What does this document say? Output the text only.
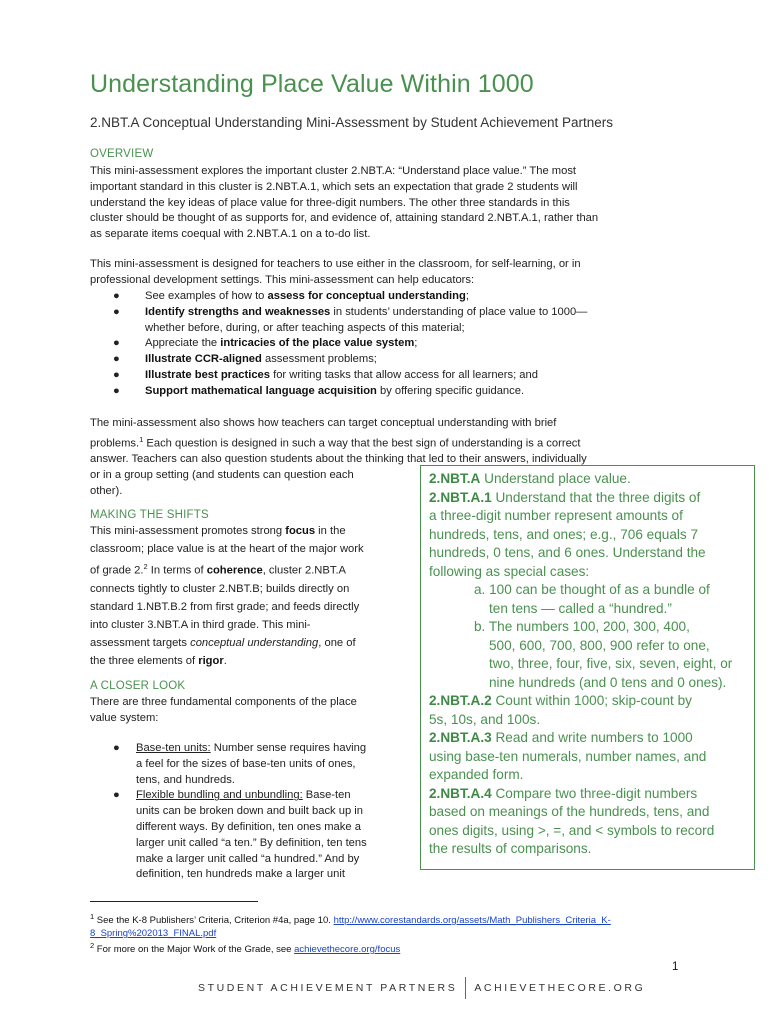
Understanding Place Value Within 1000

2.NBT.A Conceptual Understanding Mini-Assessment by Student Achievement Partners

OVERVIEW
This mini-assessment explores the important cluster 2.NBT.A: “Understand place value.” The most
important standard in this cluster is 2.NBT.A.1, which sets an expectation that grade 2 students will
understand the key ideas of place value for three-digit numbers. The other three standards in this
cluster should be thought of as supports for, and evidence of, attaining standard 2.NBT.A.1, rather than
as separate items coequal with 2.NBT.A.1 on a to-do list.
This mini-assessment is designed for teachers to use either in the classroom, for self-learning, or in
professional development settings. This mini-assessment can help educators:
● See examples of how to assess for conceptual understanding;
● Identify strengths and weaknesses in students’ understanding of place value to 1000—
whether before, during, or after teaching aspects of this material;
● Appreciate the intricacies of the place value system;
● Illustrate CCR-aligned assessment problems;
● Illustrate best practices for writing tasks that allow access for all learners; and
● Support mathematical language acquisition by offering specific guidance.
The mini-assessment also shows how teachers can target conceptual understanding with brief
problems.$^1$ Each question is designed in such a way that the best sign of understanding is a correct
answer. Teachers can also question students about the thinking that led to their answers, individually
or in a group setting (and students can question each
other).
MAKING THE SHIFTS
This mini-assessment promotes strong focus in the
classroom; place value is at the heart of the major work
of grade 2.$^2$ In terms of coherence, cluster 2.NBT.A
connects tightly to cluster 2.NBT.B; builds directly on
standard 1.NBT.B.2 from first grade; and feeds directly
into cluster 3.NBT.A in third grade. This mini-
assessment targets conceptual understanding, one of
the three elements of rigor.
A CLOSER LOOK
There are three fundamental components of the place
value system:
● Base-ten units: Number sense requires having
a feel for the sizes of base-ten units of ones,
tens, and hundreds.
● Flexible bundling and unbundling: Base-ten
units can be broken down and built back up in
different ways. By definition, ten ones make a
larger unit called “a ten.” By definition, ten tens
make a larger unit called “a hundred.” And by
definition, ten hundreds make a larger unit

2.NBT.A Understand place value.

2.NBT.A.1 Understand that the three digits of
a three-digit number represent amounts of
hundreds, tens, and ones; e.g., 706 equals 7
hundreds, 0 tens, and 6 ones. Understand the
following as special cases:

a. 100 can be thought of as a bundle of
ten tens — called a “hundred.”
b. The numbers 100, 200, 300, 400,
500, 600, 700, 800, 900 refer to one,
two, three, four, five, six, seven, eight, or
nine hundreds (and 0 tens and 0 ones).

2.NBT.A.2 Count within 1000; skip-count by
5s, 10s, and 100s.

2.NBT.A.3 Read and write numbers to 1000
using base-ten numerals, number names, and
expanded form.

2.NBT.A.4 Compare two three-digit numbers
based on meanings of the hundreds, tens, and
ones digits, using >, =, and < symbols to record
the results of comparisons.

$^1$ See the K-8 Publishers’ Criteria, Criterion #4a, page 10. http://www.corestandards.org/assets/Math_Publishers_Criteria_K-
8_Spring%202013_FINAL.pdf

$^2$ For more on the Major Work of the Grade, see achievethecore.org/focus

1
STUDENT ACHIEVEMENT PARTNERS ACHIEVETHECORE.ORG
